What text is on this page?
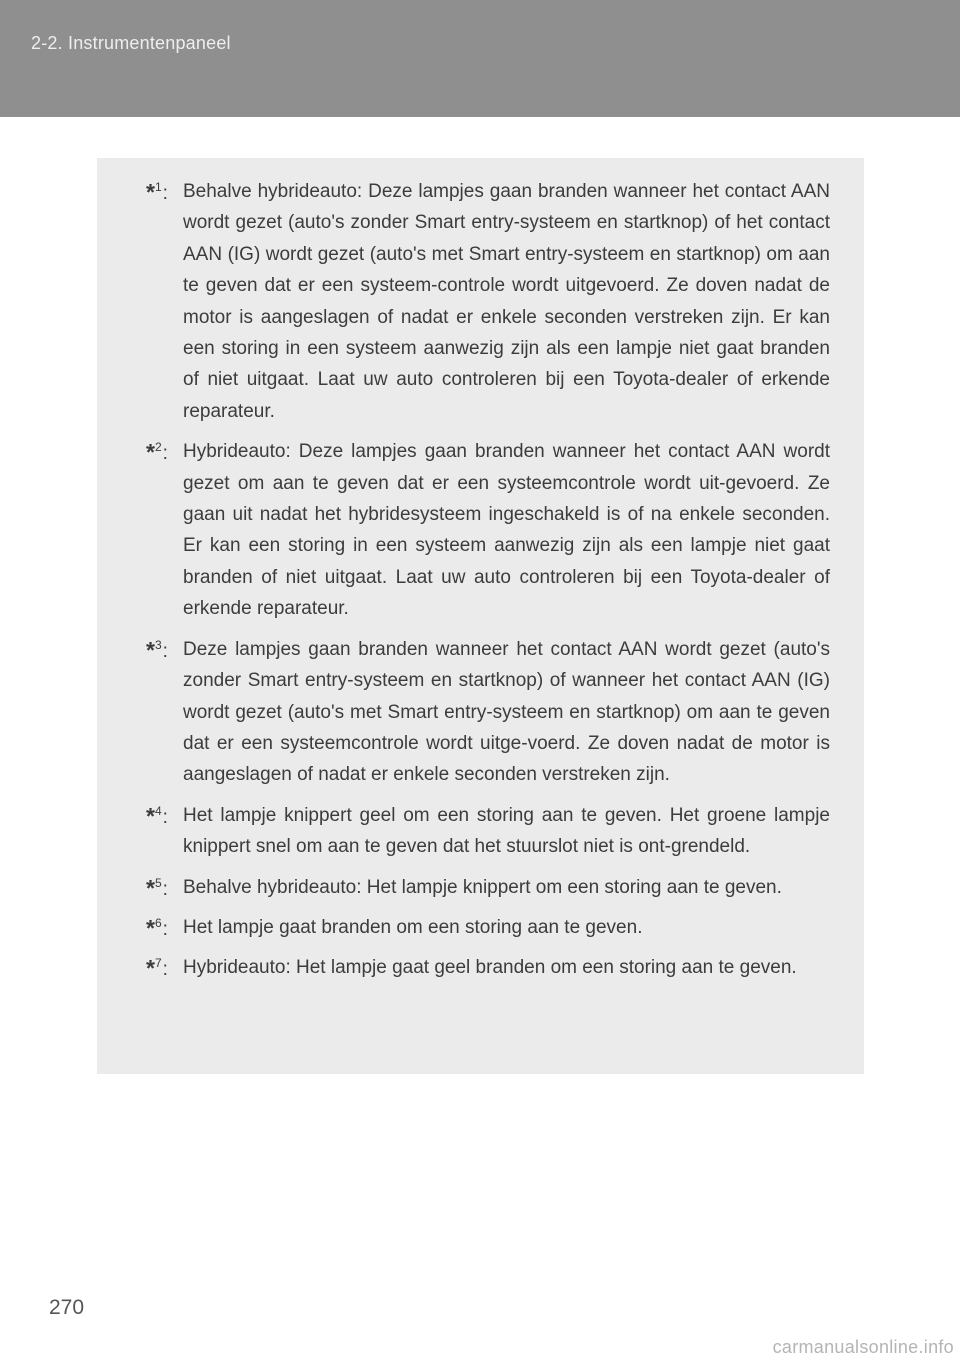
2-2. Instrumentenpaneel
*$^1$: Behalve hybrideauto: Deze lampjes gaan branden wanneer het contact AAN wordt gezet (auto's zonder Smart entry-systeem en startknop) of het contact AAN (IG) wordt gezet (auto's met Smart entry-systeem en startknop) om aan te geven dat er een systeem-controle wordt uitgevoerd. Ze doven nadat de motor is aangeslagen of nadat er enkele seconden verstreken zijn. Er kan een storing in een systeem aanwezig zijn als een lampje niet gaat branden of niet uitgaat. Laat uw auto controleren bij een Toyota-dealer of erkende reparateur.
*$^2$: Hybrideauto: Deze lampjes gaan branden wanneer het contact AAN wordt gezet om aan te geven dat er een systeemcontrole wordt uit-gevoerd. Ze gaan uit nadat het hybridesysteem ingeschakeld is of na enkele seconden. Er kan een storing in een systeem aanwezig zijn als een lampje niet gaat branden of niet uitgaat. Laat uw auto controleren bij een Toyota-dealer of erkende reparateur.
*$^3$: Deze lampjes gaan branden wanneer het contact AAN wordt gezet (auto's zonder Smart entry-systeem en startknop) of wanneer het contact AAN (IG) wordt gezet (auto's met Smart entry-systeem en startknop) om aan te geven dat er een systeemcontrole wordt uitge-voerd. Ze doven nadat de motor is aangeslagen of nadat er enkele seconden verstreken zijn.
*$^4$: Het lampje knippert geel om een storing aan te geven. Het groene lampje knippert snel om aan te geven dat het stuurslot niet is ont-grendeld.
*$^5$: Behalve hybrideauto: Het lampje knippert om een storing aan te geven.
*$^6$: Het lampje gaat branden om een storing aan te geven.
*$^7$: Hybrideauto: Het lampje gaat geel branden om een storing aan te geven.
270
carmanualsonline.info
